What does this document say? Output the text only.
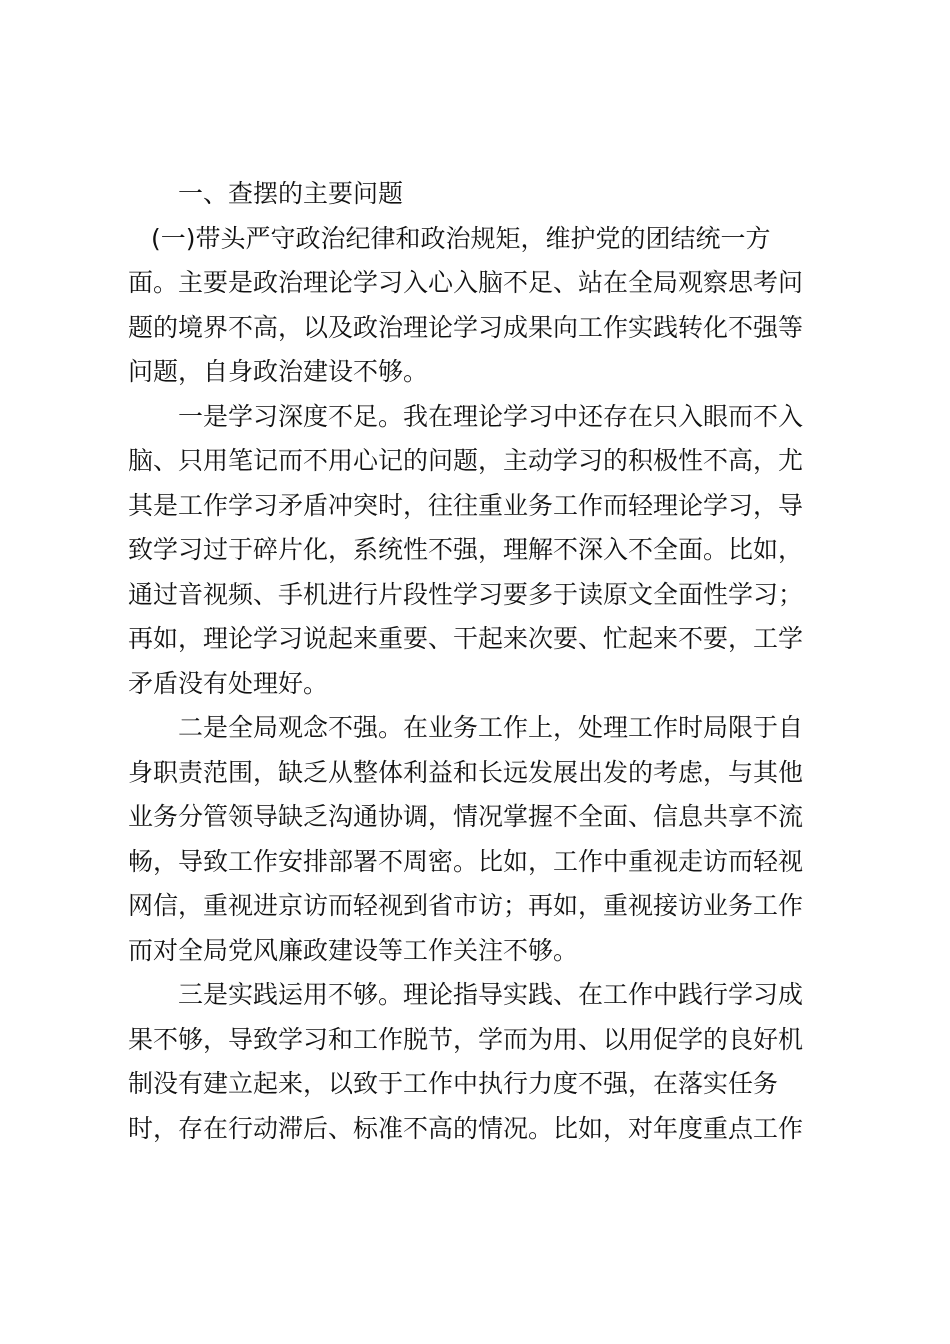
一、查摆的主要问题

(一)带头严守政治纪律和政治规矩，维护党的团结统一方
面。主要是政治理论学习入心入脑不足、站在全局观察思考问
题的境界不高，以及政治理论学习成果向工作实践转化不强等
问题，自身政治建设不够。

一是学习深度不足。我在理论学习中还存在只入眼而不入
脑、只用笔记而不用心记的问题，主动学习的积极性不高，尤
其是工作学习矛盾冲突时，往往重业务工作而轻理论学习，导
致学习过于碎片化，系统性不强，理解不深入不全面。比如，
通过音视频、手机进行片段性学习要多于读原文全面性学习；
再如，理论学习说起来重要、干起来次要、忙起来不要，工学
矛盾没有处理好。

二是全局观念不强。在业务工作上，处理工作时局限于自
身职责范围，缺乏从整体利益和长远发展出发的考虑，与其他
业务分管领导缺乏沟通协调，情况掌握不全面、信息共享不流
畅，导致工作安排部署不周密。比如，工作中重视走访而轻视
网信，重视进京访而轻视到省市访；再如，重视接访业务工作
而对全局党风廉政建设等工作关注不够。

三是实践运用不够。理论指导实践、在工作中践行学习成
果不够，导致学习和工作脱节，学而为用、以用促学的良好机
制没有建立起来，以致于工作中执行力度不强，在落实任务
时，存在行动滞后、标准不高的情况。比如，对年度重点工作
